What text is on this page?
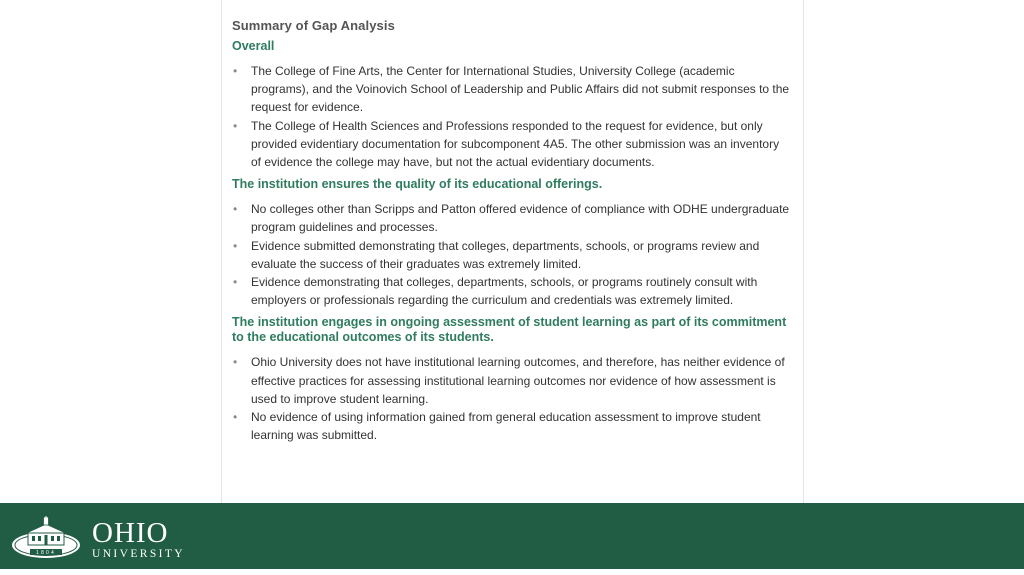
Summary of Gap Analysis
Overall
• The College of Fine Arts, the Center for International Studies, University College (academic programs), and the Voinovich School of Leadership and Public Affairs did not submit responses to the request for evidence.
• The College of Health Sciences and Professions responded to the request for evidence, but only provided evidentiary documentation for subcomponent 4A5. The other submission was an inventory of evidence the college may have, but not the actual evidentiary documents.
The institution ensures the quality of its educational offerings.
• No colleges other than Scripps and Patton offered evidence of compliance with ODHE undergraduate program guidelines and processes.
• Evidence submitted demonstrating that colleges, departments, schools, or programs review and evaluate the success of their graduates was extremely limited.
• Evidence demonstrating that colleges, departments, schools, or programs routinely consult with employers or professionals regarding the curriculum and credentials was extremely limited.
The institution engages in ongoing assessment of student learning as part of its commitment to the educational outcomes of its students.
• Ohio University does not have institutional learning outcomes, and therefore, has neither evidence of effective practices for assessing institutional learning outcomes nor evidence of how assessment is used to improve student learning.
• No evidence of using information gained from general education assessment to improve student learning was submitted.
1804
OHIO
UNIVERSITY
